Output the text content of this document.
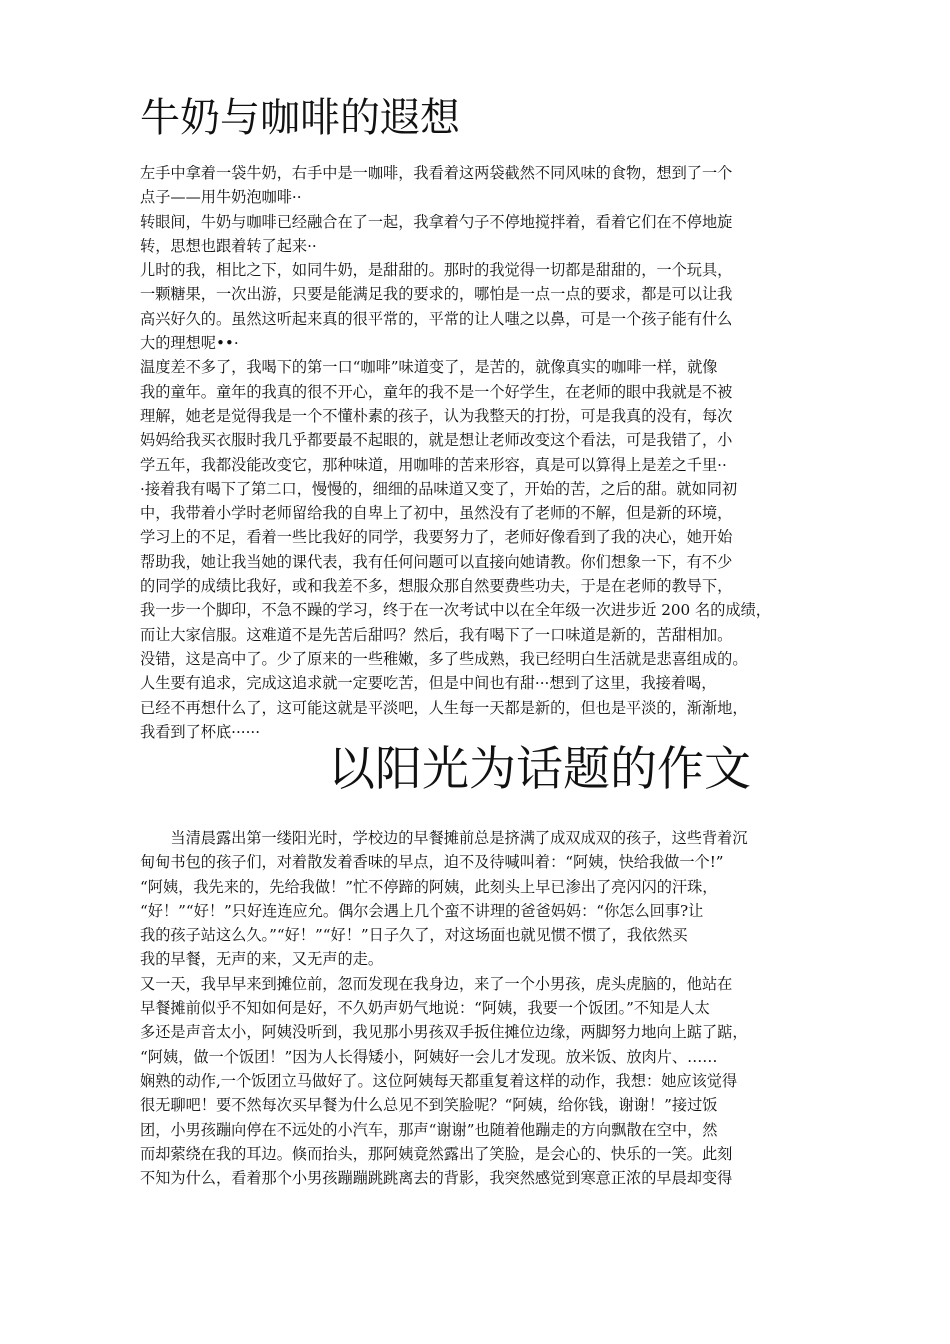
牛奶与咖啡的遐想

左手中拿着一袋牛奶，右手中是一咖啡，我看着这两袋截然不同风味的食物，想到了一个

点子——用牛奶泡咖啡··

转眼间，牛奶与咖啡已经融合在了一起，我拿着勺子不停地搅拌着，看着它们在不停地旋

转，思想也跟着转了起来··

儿时的我，相比之下，如同牛奶，是甜甜的。那时的我觉得一切都是甜甜的，一个玩具，

一颗糖果，一次出游，只要是能满足我的要求的，哪怕是一点一点的要求，都是可以让我

高兴好久的。虽然这听起来真的很平常的，平常的让人嗤之以鼻，可是一个孩子能有什么

大的理想呢••·

温度差不多了，我喝下的第一口“咖啡”味道变了，是苦的，就像真实的咖啡一样，就像

我的童年。童年的我真的很不开心，童年的我不是一个好学生，在老师的眼中我就是不被

理解，她老是觉得我是一个不懂朴素的孩子，认为我整天的打扮，可是我真的没有，每次

妈妈给我买衣服时我几乎都要最不起眼的，就是想让老师改变这个看法，可是我错了，小

学五年，我都没能改变它，那种味道，用咖啡的苦来形容，真是可以算得上是差之千里··

·接着我有喝下了第二口，慢慢的，细细的品味道又变了，开始的苦，之后的甜。就如同初

中，我带着小学时老师留给我的自卑上了初中，虽然没有了老师的不解，但是新的环境，

学习上的不足，看着一些比我好的同学，我要努力了，老师好像看到了我的决心，她开始

帮助我，她让我当她的课代表，我有任何问题可以直接向她请教。你们想象一下，有不少

的同学的成绩比我好，或和我差不多，想服众那自然要费些功夫，于是在老师的教导下，

我一步一个脚印，不急不躁的学习，终于在一次考试中以在全年级一次进步近 200 名的成绩，

而让大家信服。这难道不是先苦后甜吗？然后，我有喝下了一口味道是新的，苦甜相加。

没错，这是高中了。少了原来的一些稚嫩，多了些成熟，我已经明白生活就是悲喜组成的。

人生要有追求，完成这追求就一定要吃苦，但是中间也有甜···想到了这里，我接着喝，

已经不再想什么了，这可能这就是平淡吧，人生每一天都是新的，但也是平淡的，渐渐地，

我看到了杯底······

　　当清晨露出第一缕阳光时，学校边的早餐摊前总是挤满了成双成双的孩子，这些背着沉

甸甸书包的孩子们，对着散发着香味的早点，迫不及待喊叫着：“阿姨，快给我做一个!”

“阿姨，我先来的，先给我做！”忙不停蹄的阿姨，此刻头上早已渗出了亮闪闪的汗珠，

“好！”“好！”只好连连应允。偶尔会遇上几个蛮不讲理的爸爸妈妈：“你怎么回事?让

我的孩子站这么久。”“好！”“好！”日子久了，对这场面也就见惯不惯了，我依然买

我的早餐，无声的来，又无声的走。

又一天，我早早来到摊位前，忽而发现在我身边，来了一个小男孩，虎头虎脑的，他站在

早餐摊前似乎不知如何是好，不久奶声奶气地说：“阿姨，我要一个饭团。”不知是人太

多还是声音太小，阿姨没听到，我见那小男孩双手扳住摊位边缘，两脚努力地向上踮了踮，

“阿姨，做一个饭团！”因为人长得矮小，阿姨好一会儿才发现。放米饭、放肉片、……

娴熟的动作,一个饭团立马做好了。这位阿姨每天都重复着这样的动作，我想：她应该觉得

很无聊吧！要不然每次买早餐为什么总见不到笑脸呢？“阿姨，给你钱，谢谢！”接过饭

团，小男孩蹦向停在不远处的小汽车，那声“谢谢”也随着他蹦走的方向飘散在空中，然

而却萦绕在我的耳边。倏而抬头，那阿姨竟然露出了笑脸，是会心的、快乐的一笑。此刻

不知为什么，看着那个小男孩蹦蹦跳跳离去的背影，我突然感觉到寒意正浓的早晨却变得

以阳光为话题的作文
